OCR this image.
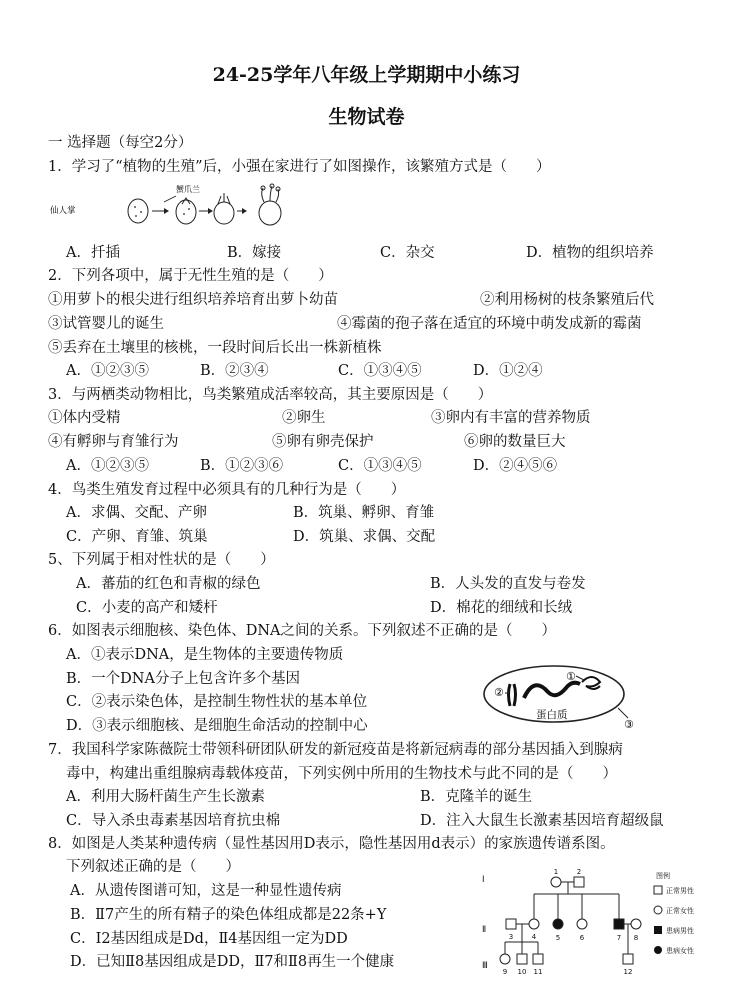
24-25学年八年级上学期期中小练习
生物试卷
一 选择题（每空2分）
1．学习了“植物的生殖”后，小强在家进行了如图操作，该繁殖方式是（　　）
仙人掌
蟹爪兰
A．扦插	B．嫁接	C．杂交	D．植物的组织培养
2．下列各项中，属于无性生殖的是（　　）
①用萝卜的根尖进行组织培养培育出萝卜幼苗	②利用杨树的枝条繁殖后代
③试管婴儿的诞生	④霉菌的孢子落在适宜的环境中萌发成新的霉菌
⑤丢弃在土壤里的核桃，一段时间后长出一株新植株
A．①②③⑤	B．②③④	C．①③④⑤	D．①②④
3．与两栖类动物相比，鸟类繁殖成活率较高，其主要原因是（　　）
①体内受精	②卵生	③卵内有丰富的营养物质
④有孵卵与育雏行为	⑤卵有卵壳保护	⑥卵的数量巨大
A．①②③⑤	B．①②③⑥	C．①③④⑤	D．②④⑤⑥
4．鸟类生殖发育过程中必须具有的几种行为是（　　）
A．求偶、交配、产卵	B．筑巢、孵卵、育雏
C．产卵、育雏、筑巢	D．筑巢、求偶、交配
5、下列属于相对性状的是（　　）
A．蕃茄的红色和青椒的绿色	B．人头发的直发与卷发
C．小麦的高产和矮杆	D．棉花的细绒和长绒
6．如图表示细胞核、染色体、DNA之间的关系。下列叙述不正确的是（　　）
A．①表示DNA，是生物体的主要遗传物质
B．一个DNA分子上包含许多个基因
C．②表示染色体，是控制生物性状的基本单位
D．③表示细胞核、是细胞生命活动的控制中心
②
①
蛋白质
③
7．我国科学家陈薇院士带领科研团队研发的新冠疫苗是将新冠病毒的部分基因插入到腺病
毒中，构建出重组腺病毒载体疫苗，下列实例中所用的生物技术与此不同的是（　　）
A．利用大肠杆菌生产生长激素	B．克隆羊的诞生
C．导入杀虫毒素基因培育抗虫棉	D．注入大鼠生长激素基因培育超级鼠
8．如图是人类某种遗传病（显性基因用D表示，隐性基因用d表示）的家族遗传谱系图。
下列叙述正确的是（　　）
A．从遗传图谱可知，这是一种显性遗传病
B．Ⅱ7产生的所有精子的染色体组成都是22条+Y
C．Ⅰ2基因组成是Dd，Ⅱ4基因组一定为DD
D．已知Ⅱ8基因组成是DD，Ⅱ7和Ⅱ8再生一个健康
Ⅰ
Ⅱ
Ⅲ
1	2
3	4	5	6	7 8
9 10 11	12
图例
正常男性
正常女性
患病男性
患病女性
